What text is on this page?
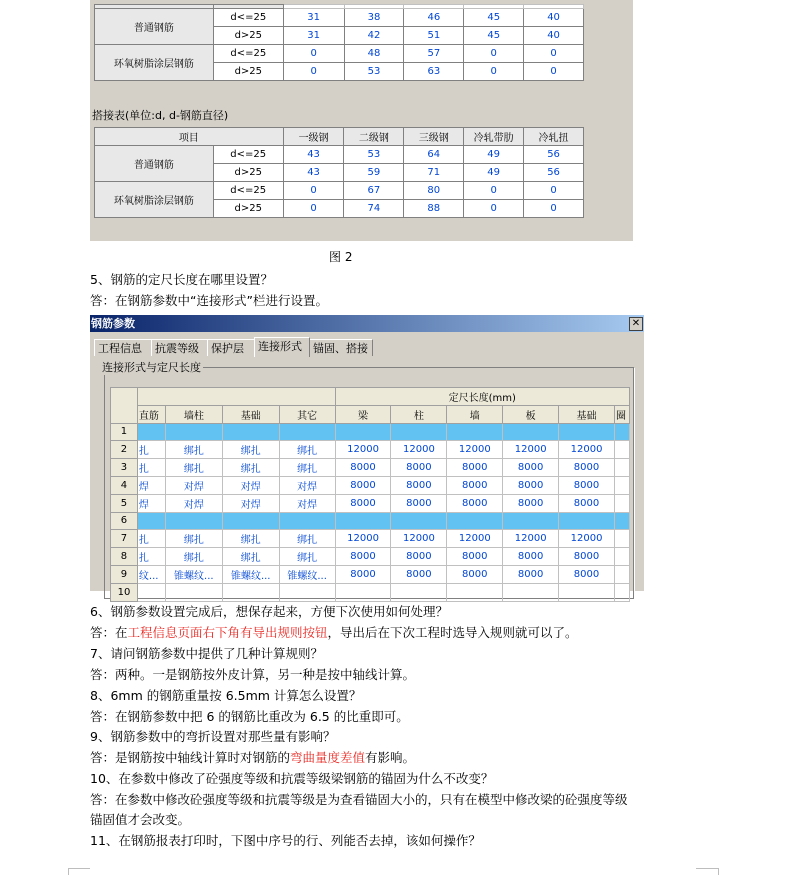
普通钢筋	d<=25	31	38	46	45	40
	d>25	31	42	51	45	40
环氧树脂涂层钢筋	d<=25	0	48	57	0	0
	d>25	0	53	63	0	0
搭接表(单位:d, d-钢筋直径)
项目		一级钢	二级钢	三级钢	冷轧带肋	冷轧扭
普通钢筋	d<=25	43	53	64	49	56
	d>25	43	59	71	49	56
环氧树脂涂层钢筋	d<=25	0	67	80	0	0
	d>25	0	74	88	0	0
图 2
5、钢筋的定尺长度在哪里设置？
答：在钢筋参数中“连接形式”栏进行设置。
钢筋参数	✕
工程信息	抗震等级	保护层	连接形式	锚固、搭接
连接形式与定尺长度
					定尺长度(mm)					
	直筋	墙柱	基础	其它	梁	柱	墙	板	基础	圈
1										
2	扎	绑扎	绑扎	绑扎	12000	12000	12000	12000	12000	
3	扎	绑扎	绑扎	绑扎	8000	8000	8000	8000	8000	
4	焊	对焊	对焊	对焊	8000	8000	8000	8000	8000	
5	焊	对焊	对焊	对焊	8000	8000	8000	8000	8000	
6										
7	扎	绑扎	绑扎	绑扎	12000	12000	12000	12000	12000	
8	扎	绑扎	绑扎	绑扎	8000	8000	8000	8000	8000	
9	纹...	锥螺纹...	锥螺纹...	锥螺纹...	8000	8000	8000	8000	8000	
10										
6、钢筋参数设置完成后，想保存起来，方便下次使用如何处理？
答：在工程信息页面右下角有导出规则按钮，导出后在下次工程时选导入规则就可以了。
7、请问钢筋参数中提供了几种计算规则？
答：两种。一是钢筋按外皮计算，另一种是按中轴线计算。
8、6mm 的钢筋重量按 6.5mm 计算怎么设置？
答：在钢筋参数中把 6 的钢筋比重改为 6.5 的比重即可。
9、钢筋参数中的弯折设置对那些量有影响？
答：是钢筋按中轴线计算时对钢筋的弯曲量度差值有影响。
10、在参数中修改了砼强度等级和抗震等级梁钢筋的锚固为什么不改变？
答：在参数中修改砼强度等级和抗震等级是为查看锚固大小的，只有在模型中修改梁的砼强度等级
锚固值才会改变。
11、在钢筋报表打印时，下图中序号的行、列能否去掉，该如何操作？
